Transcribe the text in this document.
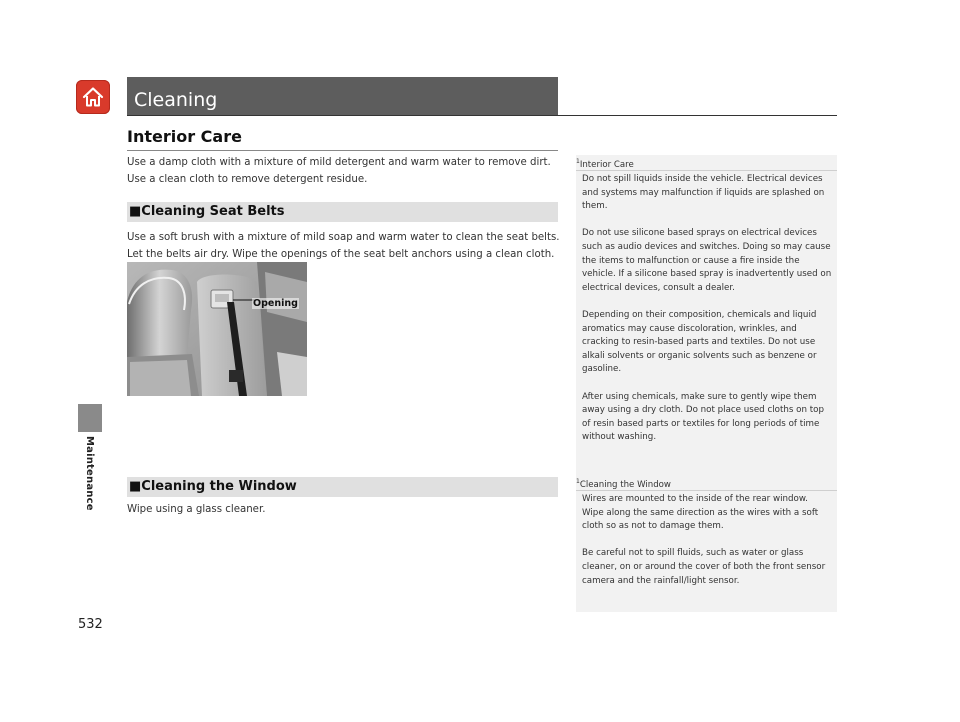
Maintenance
532
Cleaning
Interior Care
Use a damp cloth with a mixture of mild detergent and warm water to remove dirt. Use a clean cloth to remove detergent residue.
■Cleaning Seat Belts
Use a soft brush with a mixture of mild soap and warm water to clean the seat belts. Let the belts air dry. Wipe the openings of the seat belt anchors using a clean cloth.
Opening
■Cleaning the Window
Wipe using a glass cleaner.
$^1$Interior Care

Do not spill liquids inside the vehicle. Electrical devices and systems may malfunction if liquids are splashed on them.

Do not use silicone based sprays on electrical devices such as audio devices and switches. Doing so may cause the items to malfunction or cause a fire inside the vehicle. If a silicone based spray is inadvertently used on electrical devices, consult a dealer.

Depending on their composition, chemicals and liquid aromatics may cause discoloration, wrinkles, and cracking to resin-based parts and textiles. Do not use alkali solvents or organic solvents such as benzene or gasoline.

After using chemicals, make sure to gently wipe them away using a dry cloth. Do not place used cloths on top of resin based parts or textiles for long periods of time without washing.

$^1$Cleaning the Window

Wires are mounted to the inside of the rear window. Wipe along the same direction as the wires with a soft cloth so as not to damage them.

Be careful not to spill fluids, such as water or glass cleaner, on or around the cover of both the front sensor camera and the rainfall/light sensor.
